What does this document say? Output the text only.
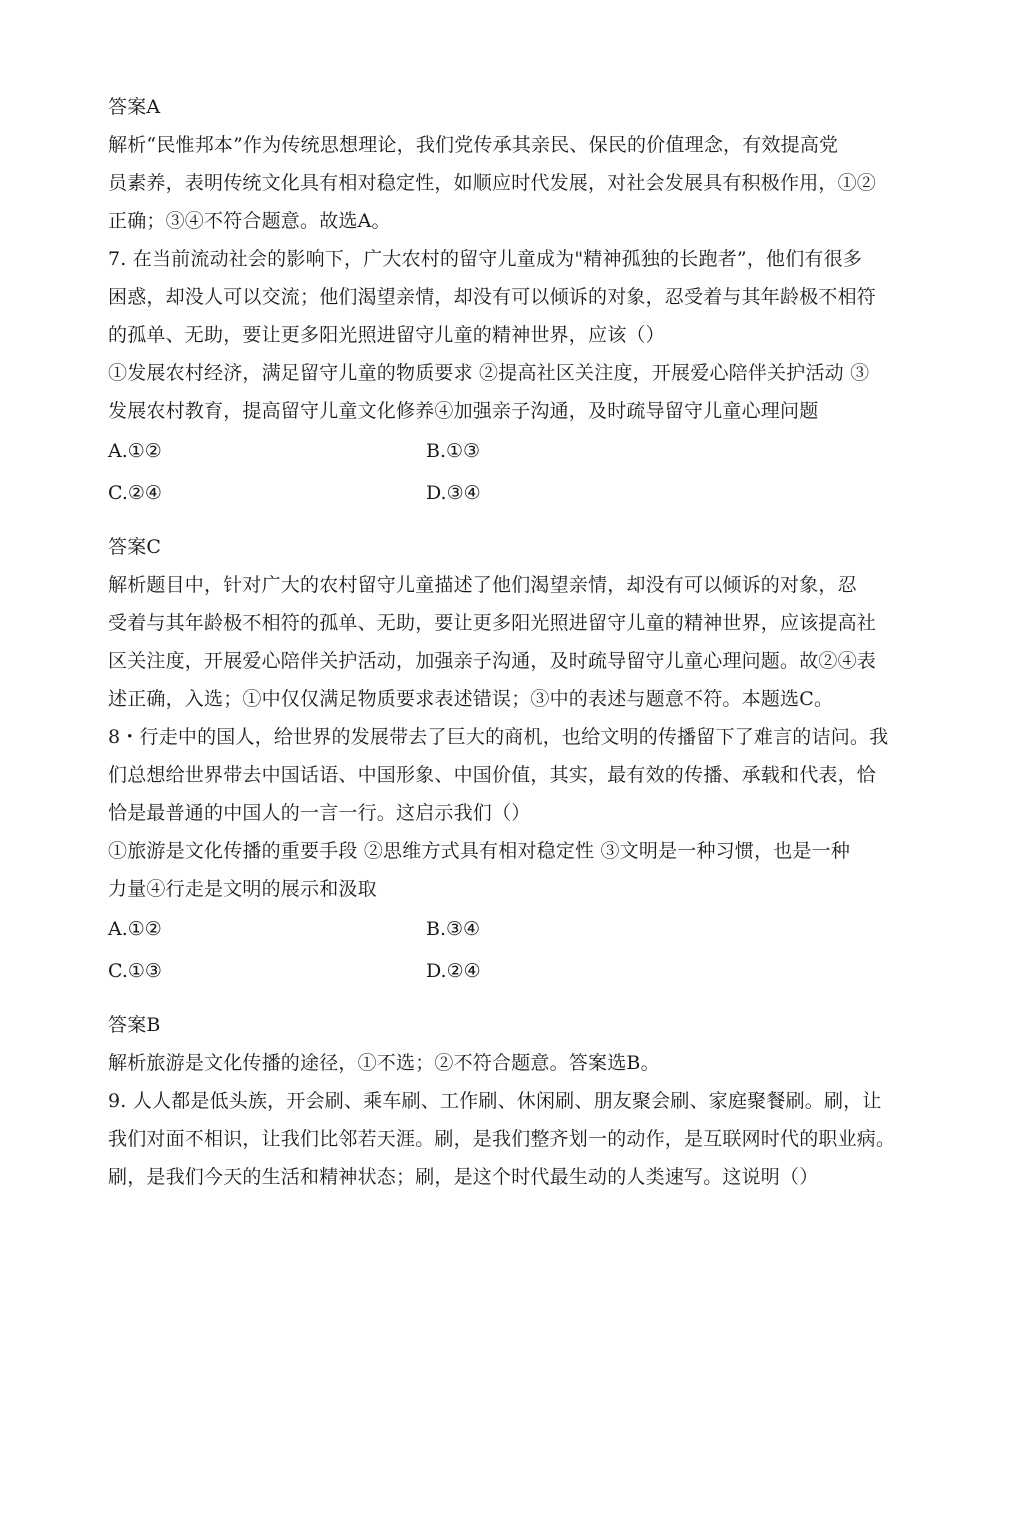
答案A
解析“民惟邦本”作为传统思想理论，我们党传承其亲民、保民的价值理念，有效提高党
员素养，表明传统文化具有相对稳定性，如顺应时代发展，对社会发展具有积极作用，①②
正确；③④不符合题意。故选A。
7. 在当前流动社会的影响下，广大农村的留守儿童成为"精神孤独的长跑者”，他们有很多
困惑，却没人可以交流；他们渴望亲情，却没有可以倾诉的对象，忍受着与其年龄极不相符
的孤单、无助，要让更多阳光照进留守儿童的精神世界，应该（）
①发展农村经济，满足留守儿童的物质要求 ②提高社区关注度，开展爱心陪伴关护活动 ③
发展农村教育，提高留守儿童文化修养④加强亲子沟通，及时疏导留守儿童心理问题
A.①②	B.①③
C.②④	D.③④
答案C
解析题目中，针对广大的农村留守儿童描述了他们渴望亲情，却没有可以倾诉的对象，忍
受着与其年龄极不相符的孤单、无助，要让更多阳光照进留守儿童的精神世界，应该提高社
区关注度，开展爱心陪伴关护活动，加强亲子沟通，及时疏导留守儿童心理问题。故②④表
述正确，入选；①中仅仅满足物质要求表述错误；③中的表述与题意不符。本题选C。
8・行走中的国人，给世界的发展带去了巨大的商机，也给文明的传播留下了难言的诘问。我
们总想给世界带去中国话语、中国形象、中国价值，其实，最有效的传播、承载和代表，恰
恰是最普通的中国人的一言一行。这启示我们（）
①旅游是文化传播的重要手段 ②思维方式具有相对稳定性 ③文明是一种习惯，也是一种
力量④行走是文明的展示和汲取
A.①②	B.③④
C.①③	D.②④
答案B
解析旅游是文化传播的途径，①不选；②不符合题意。答案选B。
9. 人人都是低头族，开会刷、乘车刷、工作刷、休闲刷、朋友聚会刷、家庭聚餐刷。刷，让
我们对面不相识，让我们比邻若天涯。刷，是我们整齐划一的动作，是互联网时代的职业病。
刷，是我们今天的生活和精神状态；刷，是这个时代最生动的人类速写。这说明（）
